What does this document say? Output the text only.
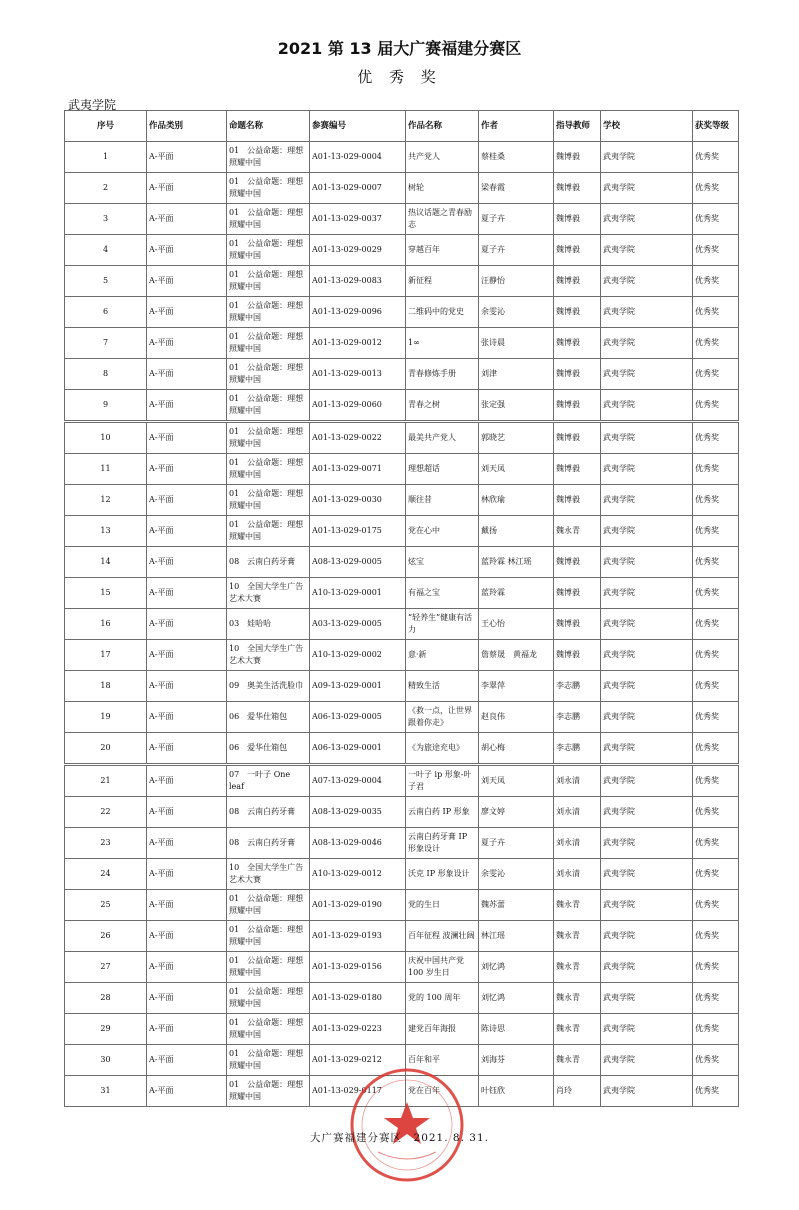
2021 第 13 届大广赛福建分赛区
优 秀 奖
武夷学院
序号	作品类别	命题名称	参赛编号	作品名称	作者	指导教师	学校	获奖等级
1	A-平面	01　公益命题：理想照耀中国	A01-13-029-0004	共产党人	蔡桂桑	魏博毅	武夷学院	优秀奖
2	A-平面	01　公益命题：理想照耀中国	A01-13-029-0007	树轮	梁春霞	魏博毅	武夷学院	优秀奖
3	A-平面	01　公益命题：理想照耀中国	A01-13-029-0037	热议话题之青春励志	夏子卉	魏博毅	武夷学院	优秀奖
4	A-平面	01　公益命题：理想照耀中国	A01-13-029-0029	穿越百年	夏子卉	魏博毅	武夷学院	优秀奖
5	A-平面	01　公益命题：理想照耀中国	A01-13-029-0083	新征程	汪静怡	魏博毅	武夷学院	优秀奖
6	A-平面	01　公益命题：理想照耀中国	A01-13-029-0096	二维码中的党史	余雯沁	魏博毅	武夷学院	优秀奖
7	A-平面	01　公益命题：理想照耀中国	A01-13-029-0012	1∞	张诗晨	魏博毅	武夷学院	优秀奖
8	A-平面	01　公益命题：理想照耀中国	A01-13-029-0013	青春修炼手册	刘津	魏博毅	武夷学院	优秀奖
9	A-平面	01　公益命题：理想照耀中国	A01-13-029-0060	青春之树	张定强	魏博毅	武夷学院	优秀奖
10	A-平面	01　公益命题：理想照耀中国	A01-13-029-0022	最美共产党人	郭晓艺	魏博毅	武夷学院	优秀奖
11	A-平面	01　公益命题：理想照耀中国	A01-13-029-0071	理想超话	刘天凤	魏博毅	武夷学院	优秀奖
12	A-平面	01　公益命题：理想照耀中国	A01-13-029-0030	顺往昔	林欣瑜	魏博毅	武夷学院	优秀奖
13	A-平面	01　公益命题：理想照耀中国	A01-13-029-0175	党在心中	戴扬	魏永青	武夷学院	优秀奖
14	A-平面	08　云南白药牙膏	A08-13-029-0005	炫宝	蓝羚霖 林江瑶	魏博毅	武夷学院	优秀奖
15	A-平面	10　全国大学生广告艺术大赛	A10-13-029-0001	有福之宝	蓝羚霖	魏博毅	武夷学院	优秀奖
16	A-平面	03　娃哈哈	A03-13-029-0005	“轻养生”健康有活力	王心怡	魏博毅	武夷学院	优秀奖
17	A-平面	10　全国大学生广告艺术大赛	A10-13-029-0002	意·新	詹蔡晟　黄福龙	魏博毅	武夷学院	优秀奖
18	A-平面	09　奥美生活洗脸巾	A09-13-029-0001	精致生活	李翠萍	李志鹏	武夷学院	优秀奖
19	A-平面	06　爱华仕箱包	A06-13-029-0005	《救一点，让世界跟着你走》	赵良伟	李志鹏	武夷学院	优秀奖
20	A-平面	06　爱华仕箱包	A06-13-029-0001	《为旅途充电》	胡心梅	李志鹏	武夷学院	优秀奖
21	A-平面	07　一叶子 One leaf	A07-13-029-0004	一叶子 ip 形象-叶子君	刘天凤	刘永清	武夷学院	优秀奖
22	A-平面	08　云南白药牙膏	A08-13-029-0035	云南白药 IP 形象	廖文婷	刘永清	武夷学院	优秀奖
23	A-平面	08　云南白药牙膏	A08-13-029-0046	云南白药牙膏 IP 形象设计	夏子卉	刘永清	武夷学院	优秀奖
24	A-平面	10　全国大学生广告艺术大赛	A10-13-029-0012	沃克 IP 形象设计	余雯沁	刘永清	武夷学院	优秀奖
25	A-平面	01　公益命题：理想照耀中国	A01-13-029-0190	党的生日	魏苏蕾	魏永青	武夷学院	优秀奖
26	A-平面	01　公益命题：理想照耀中国	A01-13-029-0193	百年征程 波澜壮阔	林江瑶	魏永青	武夷学院	优秀奖
27	A-平面	01　公益命题：理想照耀中国	A01-13-029-0156	庆祝中国共产党 100 岁生日	刘忆鸿	魏永青	武夷学院	优秀奖
28	A-平面	01　公益命题：理想照耀中国	A01-13-029-0180	党的 100 周年	刘忆鸿	魏永青	武夷学院	优秀奖
29	A-平面	01　公益命题：理想照耀中国	A01-13-029-0223	建党百年海报	陈诗思	魏永青	武夷学院	优秀奖
30	A-平面	01　公益命题：理想照耀中国	A01-13-029-0212	百年和平	刘海芬	魏永青	武夷学院	优秀奖
31	A-平面	01　公益命题：理想照耀中国	A01-13-029-0117	党在百年	叶钰欣	肖玲	武夷学院	优秀奖
大广赛福建分赛区　2021. 8. 31.
